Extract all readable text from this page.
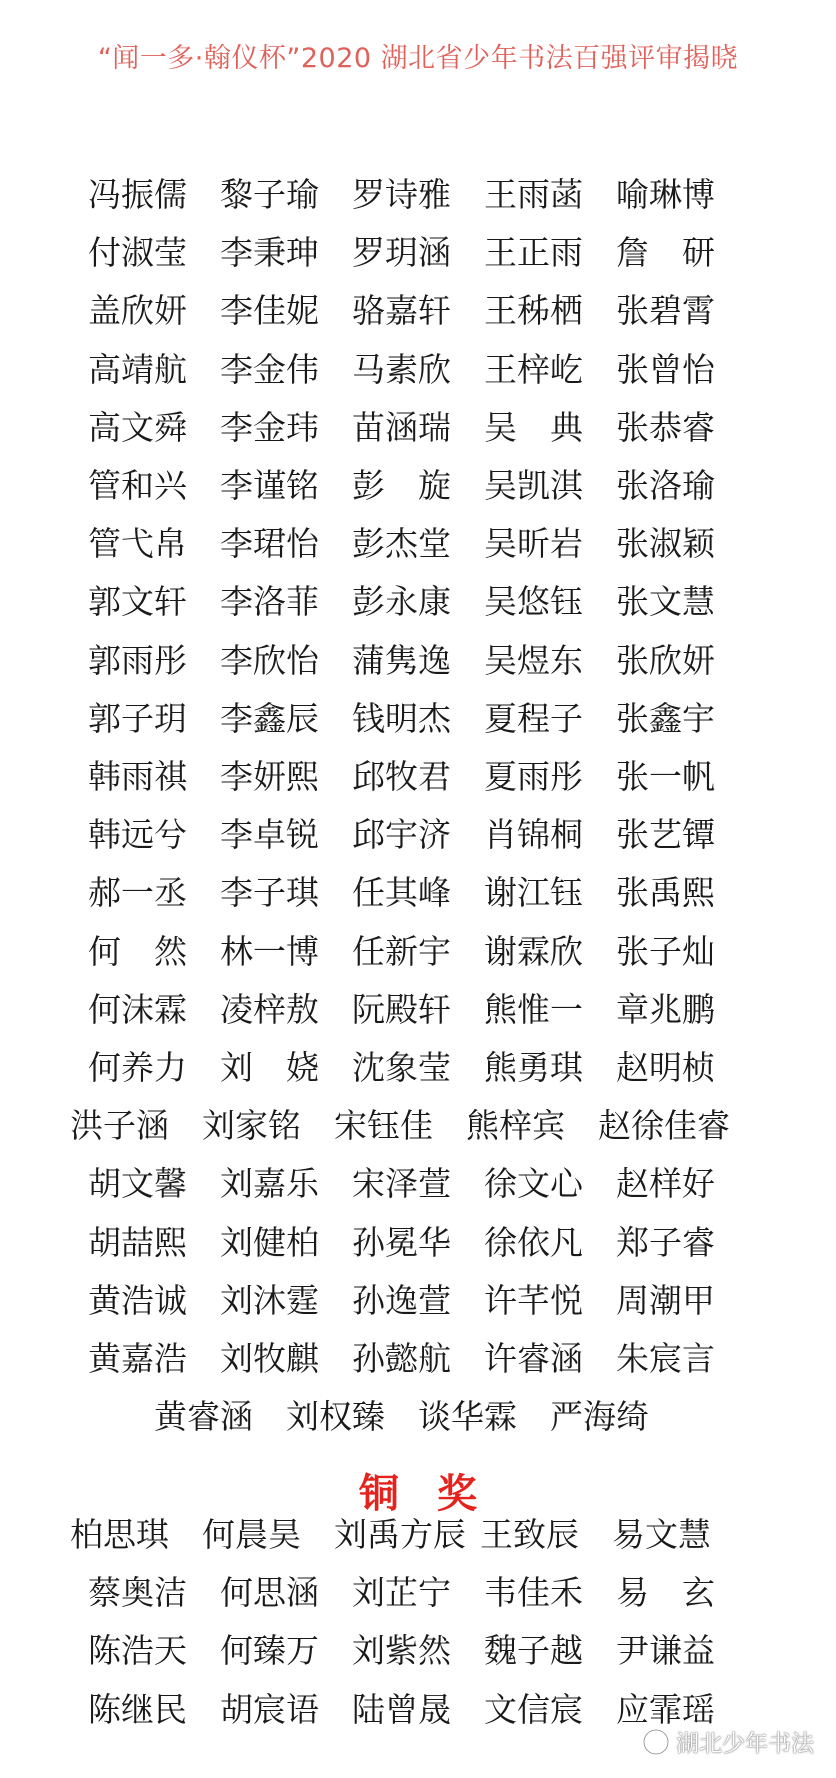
“闻一多·翰仪杯”2020 湖北省少年书法百强评审揭晓
冯振儒 黎子瑜 罗诗雅 王雨菡 喻琳博
付淑莹 李秉珅 罗玥涵 王正雨 詹　研
盖欣妍 李佳妮 骆嘉轩 王秭栖 张碧霄
高靖航 李金伟 马素欣 王梓屹 张曾怡
高文舜 李金玮 苗涵瑞 吴　典 张恭睿
管和兴 李谨铭 彭　旋 吴凯淇 张洛瑜
管弋帛 李珺怡 彭杰堂 吴昕岩 张淑颖
郭文轩 李洛菲 彭永康 吴悠钰 张文慧
郭雨彤 李欣怡 蒲隽逸 吴煜东 张欣妍
郭子玥 李鑫辰 钱明杰 夏程子 张鑫宇
韩雨祺 李妍熙 邱牧君 夏雨彤 张一帆
韩远兮 李卓锐 邱宇济 肖锦桐 张艺镡
郝一丞 李子琪 任其峰 谢江钰 张禹熙
何　然 林一博 任新宇 谢霖欣 张子灿
何沫霖 凌梓敖 阮殿轩 熊惟一 章兆鹏
何养力 刘　娆 沈象莹 熊勇琪 赵明桢
洪子涵 刘家铭 宋钰佳 熊梓宾 赵徐佳睿
胡文馨 刘嘉乐 宋泽萱 徐文心 赵样好
胡喆熙 刘健柏 孙冕华 徐依凡 郑子睿
黄浩诚 刘沐霆 孙逸萱 许芊悦 周潮甲
黄嘉浩 刘牧麒 孙懿航 许睿涵 朱宸言
黄睿涵 刘权臻 谈华霖 严海绮
铜奖
柏思琪 何晨昊 刘禹方辰 王致辰 易文慧
蔡奥洁 何思涵 刘芷宁 韦佳禾 易　玄
陈浩天 何臻万 刘紫然 魏子越 尹谦益
陈继民 胡宸语 陆曾晟 文信宸 应霏瑶
湖北少年书法
